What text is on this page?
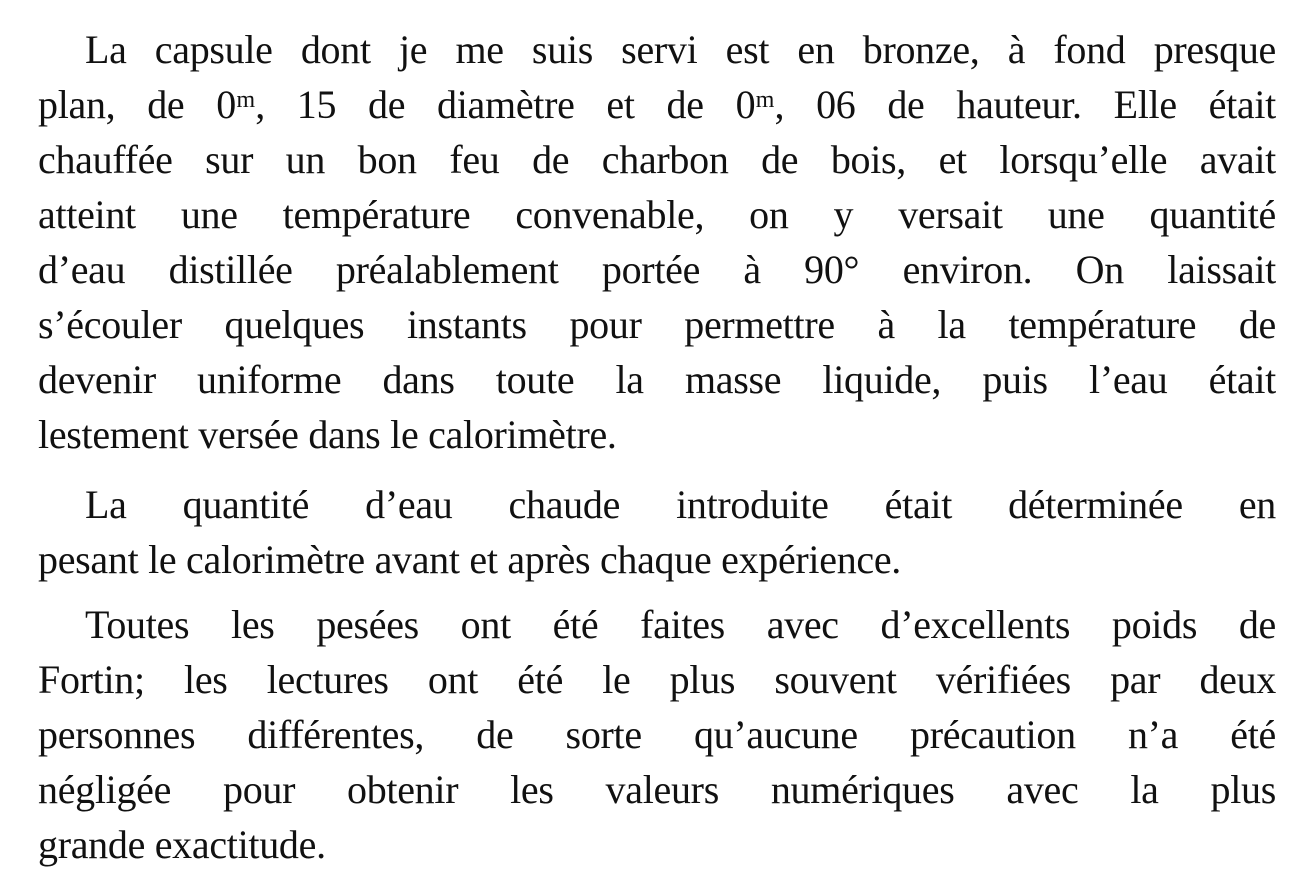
La capsule dont je me suis servi est en bronze, à fond presque
plan, de 0ᵐ, 15 de diamètre et de 0ᵐ, 06 de hauteur. Elle était
chauffée sur un bon feu de charbon de bois, et lorsqu’elle avait
atteint une température convenable, on y versait une quantité
d’eau distillée préalablement portée à 90° environ. On laissait
s’écouler quelques instants pour permettre à la température de
devenir uniforme dans toute la masse liquide, puis l’eau était
lestement versée dans le calorimètre.
La quantité d’eau chaude introduite était déterminée en
pesant le calorimètre avant et après chaque expérience.
Toutes les pesées ont été faites avec d’excellents poids de
Fortin; les lectures ont été le plus souvent vérifiées par deux
personnes différentes, de sorte qu’aucune précaution n’a été
négligée pour obtenir les valeurs numériques avec la plus
grande exactitude.
